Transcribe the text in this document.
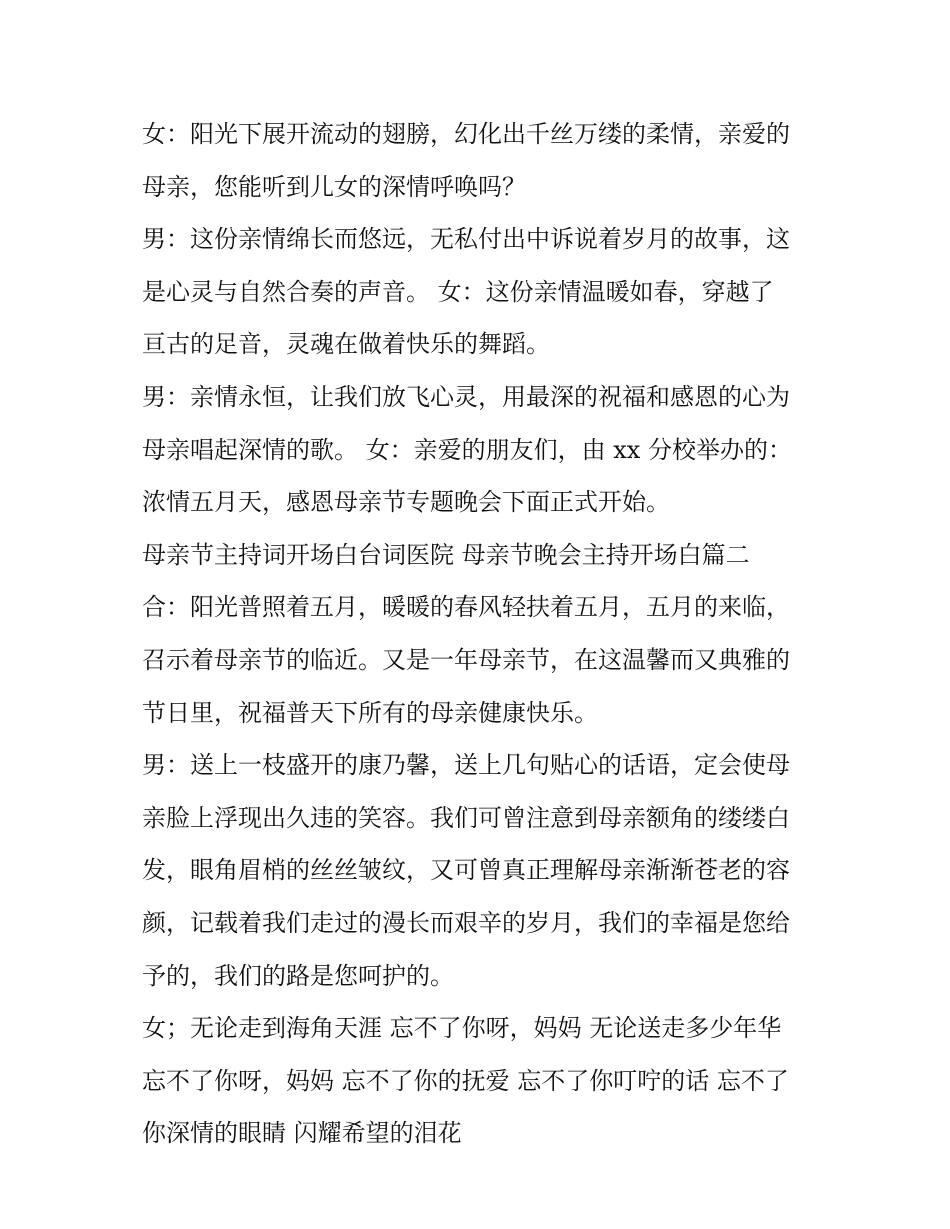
女：阳光下展开流动的翅膀，幻化出千丝万缕的柔情，亲爱的
母亲，您能听到儿女的深情呼唤吗？
男：这份亲情绵长而悠远，无私付出中诉说着岁月的故事，这
是心灵与自然合奏的声音。 女：这份亲情温暖如春，穿越了
亘古的足音，灵魂在做着快乐的舞蹈。
男：亲情永恒，让我们放飞心灵，用最深的祝福和感恩的心为
母亲唱起深情的歌。 女：亲爱的朋友们，由 xx 分校举办的：
浓情五月天，感恩母亲节专题晚会下面正式开始。
母亲节主持词开场白台词医院 母亲节晚会主持开场白篇二
合：阳光普照着五月，暖暖的春风轻扶着五月，五月的来临，
召示着母亲节的临近。又是一年母亲节，在这温馨而又典雅的
节日里，祝福普天下所有的母亲健康快乐。
男：送上一枝盛开的康乃馨，送上几句贴心的话语，定会使母
亲脸上浮现出久违的笑容。我们可曾注意到母亲额角的缕缕白
发，眼角眉梢的丝丝皱纹，又可曾真正理解母亲渐渐苍老的容
颜，记载着我们走过的漫长而艰辛的岁月，我们的幸福是您给
予的，我们的路是您呵护的。
女；无论走到海角天涯 忘不了你呀，妈妈 无论送走多少年华
忘不了你呀，妈妈 忘不了你的抚爱 忘不了你叮咛的话 忘不了
你深情的眼睛 闪耀希望的泪花
